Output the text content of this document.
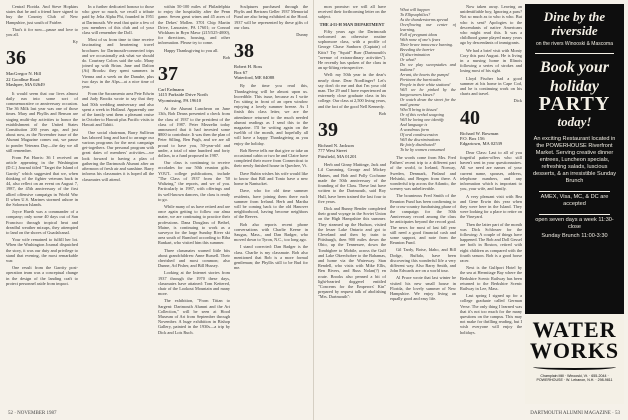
Central Florida. And Steve Hopkins states that he and a friend have signed to buy the Country Club of New Hampshire, just south of Fairlee.

That's it for now—pause and love to you all.

Ky

36
MacGregor N. Hill
22 Goodhue Road
Mashpee, MA 02649

It would seem that our lives almost daily run into some sort of commemorative or anniversary occasion. The 36 Milk last year was one of those times. Mary and Phyllis and Benson are staging multi-day activities to honor the establishment of the United States Constitution 200 years ago, and just about now, as the November issue of the Alumni Magazine comes out, we pause to ponder Veterans Day—the day we all still remember.

From Pat Harris: 36 I received an article appearing in the Washington (D.C.) Journal titled "Target the Island of Garrity" which suggested that we, when thinking of the fighter veterans back in 44, also reflect on an event on August 7, 1987, the 45th anniversary of the first allied offensive campaign in World War II when U.S. Marines stormed ashore in the Solomon Islands.

Joyce Hueth was a commander of a company; only some 40 days out of San Francisco through tropical heat and dreadful weather mixups, they attempted to land on the shores of Guadalcanal.

Your wife remained to fulfill her lot. When the Washington Journal dispatched the story, it was our duty and privilege to stand that evening, the most remarkable war.

One result from the Garrity post-operation team was a conceptual change in the design of the landing craft to protect personnel aside from impact.

In a further dedicated honour to those who gave so much, we recall a tribute paid by Jelta Alpha Phi, founded in 1951 at Dartmouth. We read that quite a few of you members of this club and of your class will remember the Doll.

Most of us from time to time receive fascinating and heartening travel brochures for Dartmouth-connected trips and we occasionally ask what we should do. Courtney Colors said the solo. Many joined up with Brian. Jane and Dalton (At) Brooks: they spent summers in Vienna and a week on the Danube, plus two days in the Alps—at a nice time of year.

From the Sacramento area Pete Edwin and Judy Brooks wrote to say that they had 50th wedding anniversary and also spent a week in Holland. Apparently one of the family sent them a pleasant cruise in October to Hawaii plus Pacific visits to Hawaii and Tahiti.

One social chairman, Barry Sullivan has labored long and hard to arrange our various programs for the next campaign get-togethers. Our personal program with great dates of members' activities—we look forward to having a plan of gathering the Dartmouth Alumni after an afternoon of fresh air and sunshine. Barry informs his classmates it is hoped all the classmates will attend.

within 50-100 miles of Philadelphia to enjoy the hospitality after the Penn game. Seven great wines and 45 acres of the Dekes' Mollen. 3701 Chip Martin Drive, Lancaster, PA 17601; or Conrad Wickham in Bryn Mawr (215/525-4000), for directions, housing, and other information. Please try to come.

Happy Thanksgiving to you all.

Bob

37
Carl Erdmann
1415 Parkside Drive North
Wyomissing, PA 19610

At the Alumni Luncheon on June 13th, Bob Deans presented a check from the class of 1937 to the president of the class of 1987. Peter Mezzelin today announced that it had invested some $800 to contribute. It was then the plan of Peter Silling, Ben Pugh, and we are all proud to have you, 50-year-old and under, a total of nine hundred and forty dollars, to a fund proposed in 1987.

Our class is continuing to receive accolades for our 50th reunion gifts. YOU'L college publications, include "The Class of 1937 from the '50 Waltzing," the reports, and we of you. Particularly in 1987, with offerings and its well-known dancers, the class is ready to go.

While many of us have retired and are once again getting to follow our alma mater, we are continuing to practice their professions. Dana Douglass of Bethel, Maine, is continuing to work as a surveyor for the large Sunday River ski area south of Rumford according to Riba Rankart, who visited him this summer.

Three classmates warned little bits about grandchildren: Anne Russell. Their cherished and most common; also Dunne, Ad Fisher, and Bill Hussey.

Looking at the Internet stories from 1937 through the 1970 these days, classmates have attained: Tom Kettered, chair of the Lookout Mountain and many more.

The exhibition, "From Titian to Sargent: Dartmouth Alumni and the Art Collection," will be seen at Hood Museum of Art from September through November. A huge exhibition in Bishop Gallery, painted in the 1930s—a trip by Dick and Lois Ruch.

Sculptures purchased through the Phylis and Bertram Geller 1937 Memorial Fund are also being exhibited at the Hood. 1937 will be represented by these gifts of our class.

Dunny

38
Robert H. Ross
Box 67
Waterford, ME 04088

By the time you read this, Thanksgiving will be almost upon us. Incredible. This issue, because as I write I'm sitting in front of an open window enjoying a lovely summer breeze. As I finish this class letter, we are the attendance returned to the much needed alumni readings as I send this to the magazine. I'll be writing again on the twelfth of the month, and hopefully all will have a happy Thanksgiving as you enjoy the holiday.

Bob Reeve tells me that give or take an occasional cabin or two he and Claire have completed their move from Connecticut to their newly finished house in Quechee, Vt.

Dave Rubin wishes his wife would like to know that Bill and Tonio have a new home in Nantucket.

Dave, who for old time summer residents, have joining them there each summer from Ireland. Herb and Martha will be coming back to the old Hanover neighborhood, having become neighbors of the Reeves.

Bob also reports recent phone conversations with Charlie Keene in Saugus, Mass., and Dan Badger, who moved down to Tyron, N.C., too long ago.

I stand corrected: Dan Badger is the class. Charlie is my classmate. Bob also mentioned that Bob is a more formal gentleman; the Phyllis still to be Bud for me.

52 · NOVEMBER 1987

mon promise: we will all have received their forthcoming letter on the subject.

THE 4-I1-H MAN DEPARTMENT

Fifty years ago the Dartmouth welcomed an otherwise routine sophomore class, with a profile of George Chase Sanborn (Captain) of Kitts? Try "Squid" Burr (Dartmouth's "avenue of extraordinary activities"). He recently has spoken of the class in an up-lifting retrospective.

Well: my 50th year in the dear's nearly done. Dear Nordlinger? Let's say don't do me and that I'm your old man. The 29 and I have experienced an extremely close graduate class in his college. Our class at 2,500 living years, and the fact of the good Nell Kennedy.

Bob

39
Richard N. Jackson
777 West Street
Pittsfield, MA 01201

Herb and Ginny Mattinge, Jack and Lil Cumming, George and Mickey Haines, and Bob and Polly Cochrane made the 50th anniversary of the founding of the Class. These last have written to the Dartmouth, said Roy Hull, have been trained the last four to five years.

Dick and Bunny Bender completed their grand voyage in the Soviet Union on the High Hampshire this summer. They steamed up the Hudson, visited the lesser Lake Ontario and got to Cleveland and then by train to Pittsburgh, then 900 miles down the Ohio, up the Tennessee, down the Tombigbee to Mobile, across the Gulf and Lake Okeechobee to the Bahamas, and home via the Waterway. Stan Rendell, who visits with Mike Ellis, Ben Rivers, and Russ Nolan(?) en route. Brooks also penned a bit of light-hearted doggerel entitled "Concerns for the Emperors' Kin" prepared by request talk of abolishing "Mrs. Dartmouth":

What will happen
To Ellipsophilics?
As the thunderstorms spread
Overflowing our center of learning,
Full of pregnant ideas
With none of one's fears
Their brave innocence burning.
Breeding the barrier
Of discrimination
Or what?
Do we play sweepstakes and indians?
Arrant, the hearts the pumps!
Pertinent the barricades
People in their white stations!
Will we be pinked by the bargeowners kisses?
Or watch down the street for the mail gnome
Who'll bring in kisses!
Or of this verbal seagoing
Will be loving one identify
And language is
A wondrous form
Of oral condescension
Will the discriminations
Be fairly distributed?
To be by women consumed

The words come from Mrs. Fred Fathers' recent trip to a different part of the world, to Iceland, Norway, Sweden, Denmark, Finland and Helsinki, and Bergen from there. A wonderful trip across the Atlantic, the scenery was unbelievable.

The bounteous Fred Smith of the Reunion Fund has been confirming to the cross-country fundraising phase of the campaign for the 50th Anniversary record among the class he anticipates beyond the record goal. The news for most of last fall year still need a good financial cash and some support, and note from the Reunion Fund.

Gil Tardy, Boise, Idaho, and Bill Dodge, Buffalo, have been discovering this wonderful life a very different way. Also Barry Smith, and John Edwards are on a world tour.

Al Pruce wrote that last winter he visited his new small house in Florida, the lovely summer of New Hampshire. We enjoy living an equally good and easy life.

Now taken away. Leaving an unidentifiable boy, Ignoring a pass? Not so much as to who is who. But who is sent? Apologies to the descendants of native Americans who might read this. It was a childhood game played many years ago by descendants of immigrants.

We had a brief visit with Monty Cory this past August. He is living in a nursing home in Illinois following a series of strokes and losing most of his sight.

Lloyd Fischer had a good summer at his home in Cape Cod, and he is continuing work on his charts and travel.

Dick

40
Richard W. Bowman
P.O. Box 156
Edgartown, MA 02539

Dear Class: Last to all of you forgetful patter-offers who still haven't sent in your questionnaires. All we need are names of your current name, spouses, address, telephone numbers, and any information which is important to you, your wife, and family.

A very pleasant visit with Bea and Gene Erwin this year when they were here in the Island. They were looking for a place to retire on the Vineyard.

Then the latter part of the month was Dick Schlosser for the following: A couple of things have happened. The Bob and Doll Gessel are both in Boston, retired with eight children as compared with the fourth season. Bob is a good horse racer.

Next is the Gulfport Hotel by the sea at Hermitage Bay where the Berkshire Scenic Railway has been returned to the Berkshire Scenic Railway in Lee, Mass.

Last spring I signed up for a college graduate called German Verse. The only thing I learned was that it's not too much for the many questions on the campus. This may not make for thrilling reading, but I wish everyone will enjoy the holidays.

DARTMOUTH ALUMNI MAGAZINE · 53
Dine by the
riverside
on the rivers Winooski & Mascoma
Book your
holiday
PARTY
today!
An exciting Restaurant located in the POWERHOUSE Riverfront Market. Serving creative dinner entrees, Luncheon specials, refreshing salads, luscious desserts, & an irresistible Sunday Brunch
AMEX, Visa, MC, & DC are accepted
open seven days a week 11:30-close
Sunday Brunch 11:00-3:30
WATER
WORKS
Champlain Mill · Winooski, Vt. · 655-2044 · POWERHOUSE · W. Lebanon, N.H. · 298-9811
